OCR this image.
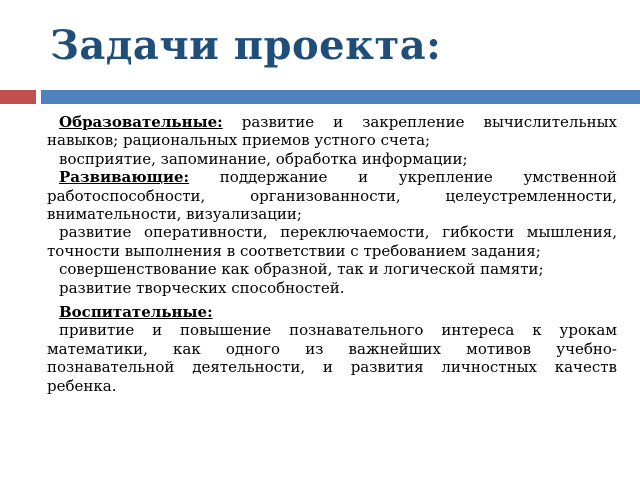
Задачи проекта:

Образовательные: развитие и закрепление вычислительных навыков; рациональных приемов устного счета;

восприятие, запоминание, обработка информации;

Развивающие: поддержание и укрепление умственной работоспособности, организованности, целеустремленности, внимательности, визуализации;

развитие оперативности, переключаемости, гибкости мышления, точности выполнения в соответствии с требованием задания;

совершенствование как образной, так и логической памяти;

развитие творческих способностей.

Воспитательные:

привитие и повышение познавательного интереса к урокам математики, как одного из важнейших мотивов учебно-познавательной деятельности, и развития личностных качеств ребенка.
